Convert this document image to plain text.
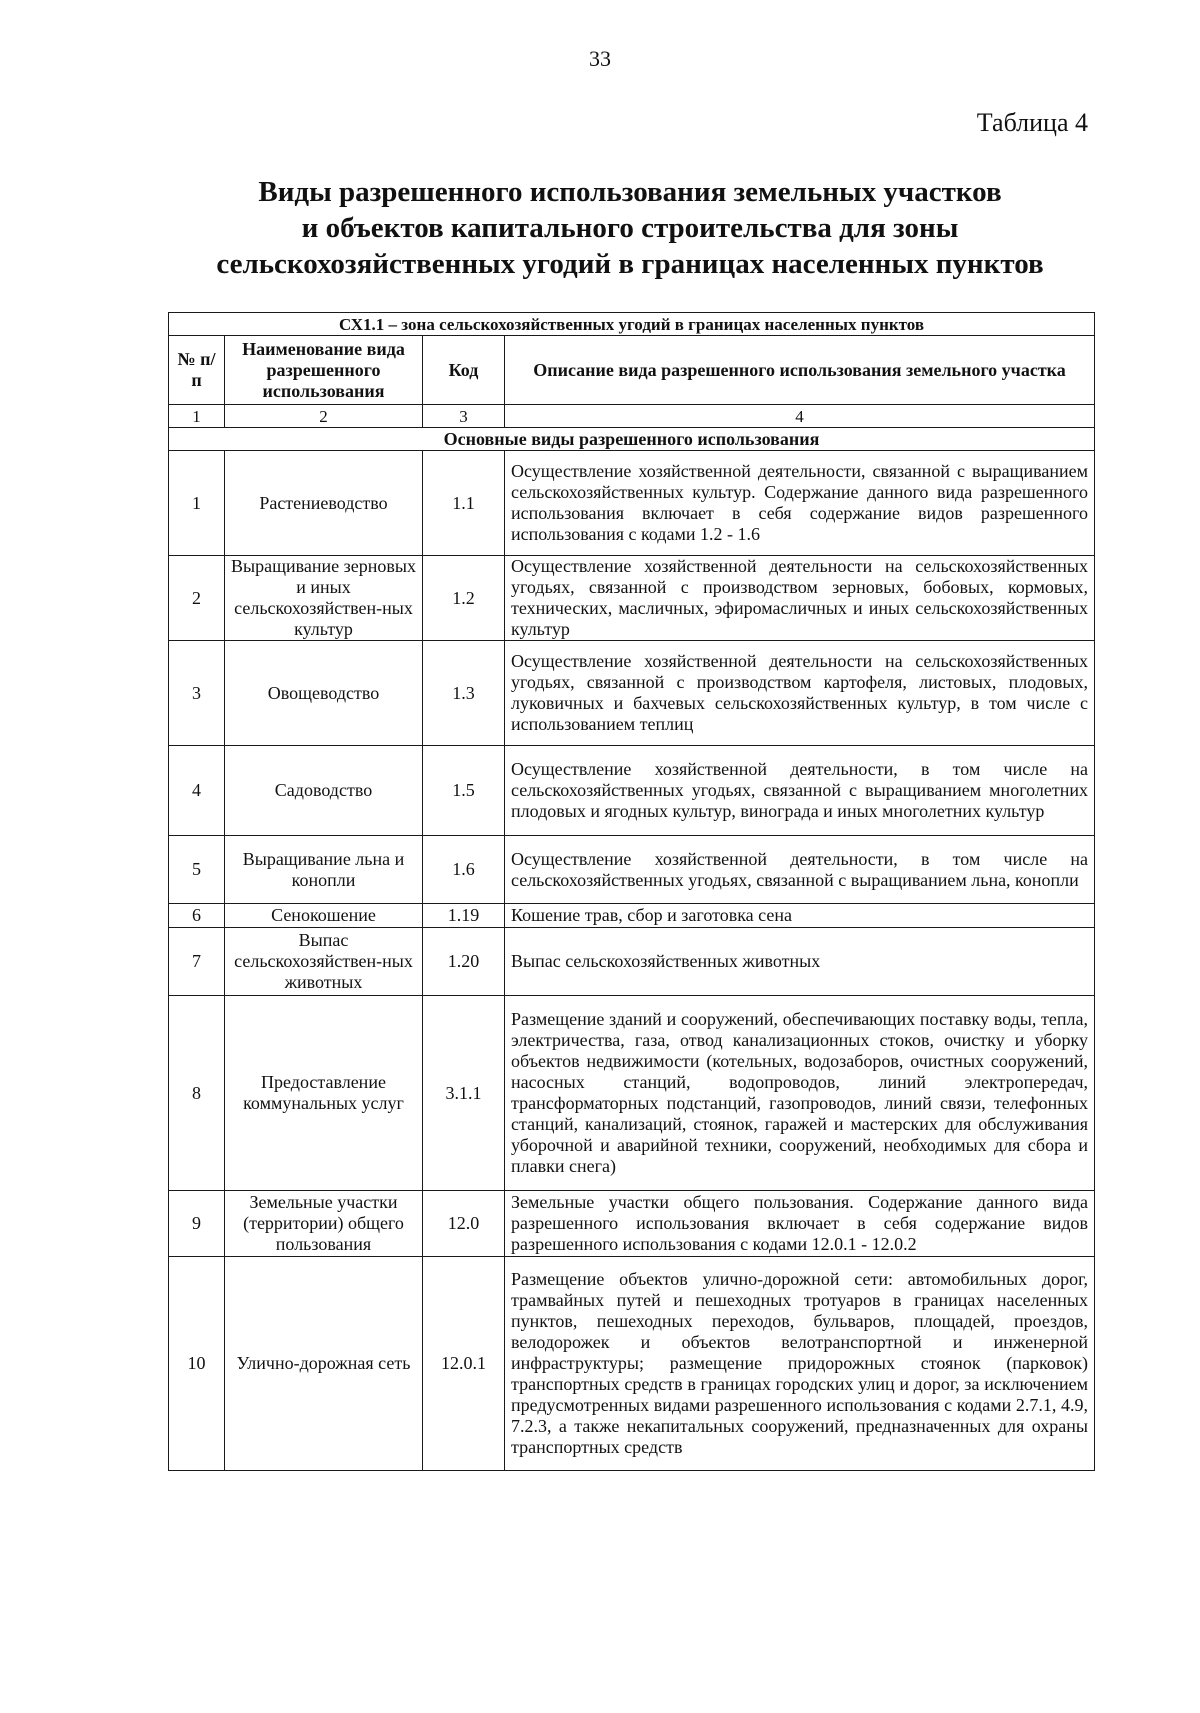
33
Таблица 4
Виды разрешенного использования земельных участков
и объектов капитального строительства для зоны
сельскохозяйственных угодий в границах населенных пунктов
СХ1.1 – зона сельскохозяйственных угодий в границах населенных пунктов			
№ п/п	Наименование вида разрешенного использования	Код	Описание вида разрешенного использования земельного участка
1	2	3	4
Основные виды разрешенного использования			
1	Растениеводство	1.1	Осуществление хозяйственной деятельности, связанной с выращиванием сельскохозяйственных культур. Содержание данного вида разрешенного использования включает в себя содержание видов разрешенного использования с кодами 1.2 - 1.6
2	Выращивание зерновых и иных сельскохозяйствен-ных культур	1.2	Осуществление хозяйственной деятельности на сельскохозяйственных угодьях, связанной с производством зерновых, бобовых, кормовых, технических, масличных, эфиромасличных и иных сельскохозяйственных культур
3	Овощеводство	1.3	Осуществление хозяйственной деятельности на сельскохозяйственных угодьях, связанной с производством картофеля, листовых, плодовых, луковичных и бахчевых сельскохозяйственных культур, в том числе с использованием теплиц
4	Садоводство	1.5	Осуществление хозяйственной деятельности, в том числе на сельскохозяйственных угодьях, связанной с выращиванием многолетних плодовых и ягодных культур, винограда и иных многолетних культур
5	Выращивание льна и конопли	1.6	Осуществление хозяйственной деятельности, в том числе на сельскохозяйственных угодьях, связанной с выращиванием льна, конопли
6	Сенокошение	1.19	Кошение трав, сбор и заготовка сена
7	Выпас сельскохозяйствен-ных животных	1.20	Выпас сельскохозяйственных животных
8	Предоставление коммунальных услуг	3.1.1	Размещение зданий и сооружений, обеспечивающих поставку воды, тепла, электричества, газа, отвод канализационных стоков, очистку и уборку объектов недвижимости (котельных, водозаборов, очистных сооружений, насосных станций, водопроводов, линий электропередач, трансформаторных подстанций, газопроводов, линий связи, телефонных станций, канализаций, стоянок, гаражей и мастерских для обслуживания уборочной и аварийной техники, сооружений, необходимых для сбора и плавки снега)
9	Земельные участки (территории) общего пользования	12.0	Земельные участки общего пользования. Содержание данного вида разрешенного использования включает в себя содержание видов разрешенного использования с кодами 12.0.1 - 12.0.2
10	Улично-дорожная сеть	12.0.1	Размещение объектов улично-дорожной сети: автомобильных дорог, трамвайных путей и пешеходных тротуаров в границах населенных пунктов, пешеходных переходов, бульваров, площадей, проездов, велодорожек и объектов велотранспортной и инженерной инфраструктуры; размещение придорожных стоянок (парковок) транспортных средств в границах городских улиц и дорог, за исключением предусмотренных видами разрешенного использования с кодами 2.7.1, 4.9, 7.2.3, а также некапитальных сооружений, предназначенных для охраны транспортных средств
